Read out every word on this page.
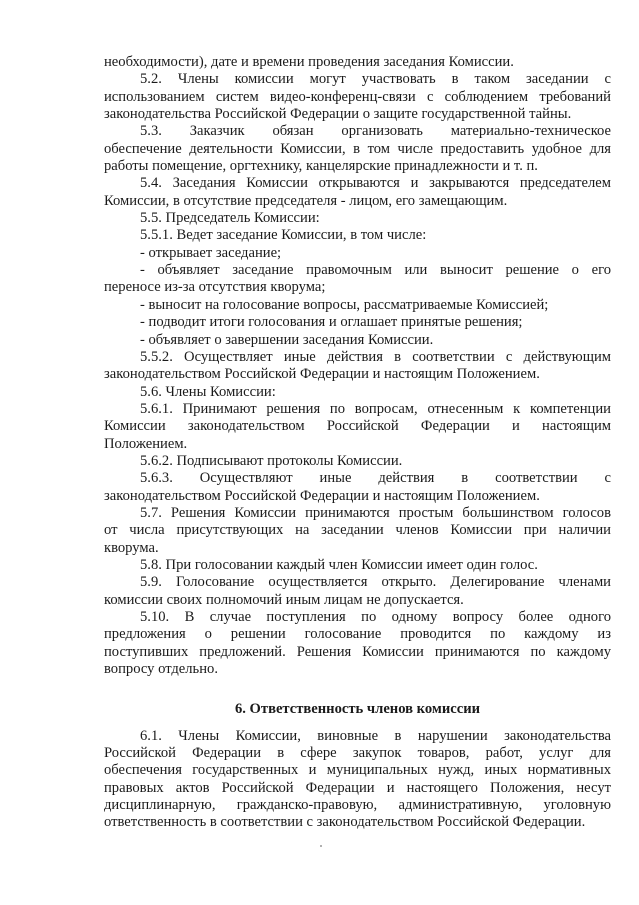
необходимости), дате и времени проведения заседания Комиссии.
5.2. Члены комиссии могут участвовать в таком заседании с
использованием систем видео-конференц-связи с соблюдением требований
законодательства Российской Федерации о защите государственной тайны.
5.3. Заказчик обязан организовать материально-техническое
обеспечение деятельности Комиссии, в том числе предоставить удобное для
работы помещение, оргтехнику, канцелярские принадлежности и т. п.
5.4. Заседания Комиссии открываются и закрываются председателем
Комиссии, в отсутствие председателя - лицом, его замещающим.
5.5. Председатель Комиссии:
5.5.1. Ведет заседание Комиссии, в том числе:
- открывает заседание;
- объявляет заседание правомочным или выносит решение о его
переносе из-за отсутствия кворума;
- выносит на голосование вопросы, рассматриваемые Комиссией;
- подводит итоги голосования и оглашает принятые решения;
- объявляет о завершении заседания Комиссии.
5.5.2. Осуществляет иные действия в соответствии с действующим
законодательством Российской Федерации и настоящим Положением.
5.6. Члены Комиссии:
5.6.1. Принимают решения по вопросам, отнесенным к компетенции
Комиссии законодательством Российской Федерации и настоящим
Положением.
5.6.2. Подписывают протоколы Комиссии.
5.6.3. Осуществляют иные действия в соответствии с
законодательством Российской Федерации и настоящим Положением.
5.7. Решения Комиссии принимаются простым большинством голосов
от числа присутствующих на заседании членов Комиссии при наличии
кворума.
5.8. При голосовании каждый член Комиссии имеет один голос.
5.9. Голосование осуществляется открыто. Делегирование членами
комиссии своих полномочий иным лицам не допускается.
5.10. В случае поступления по одному вопросу более одного
предложения о решении голосование проводится по каждому из
поступивших предложений. Решения Комиссии принимаются по каждому
вопросу отдельно.
6. Ответственность членов комиссии
6.1. Члены Комиссии, виновные в нарушении законодательства
Российской Федерации в сфере закупок товаров, работ, услуг для
обеспечения государственных и муниципальных нужд, иных нормативных
правовых актов Российской Федерации и настоящего Положения, несут
дисциплинарную, гражданско-правовую, административную, уголовную
ответственность в соответствии с законодательством Российской Федерации.
